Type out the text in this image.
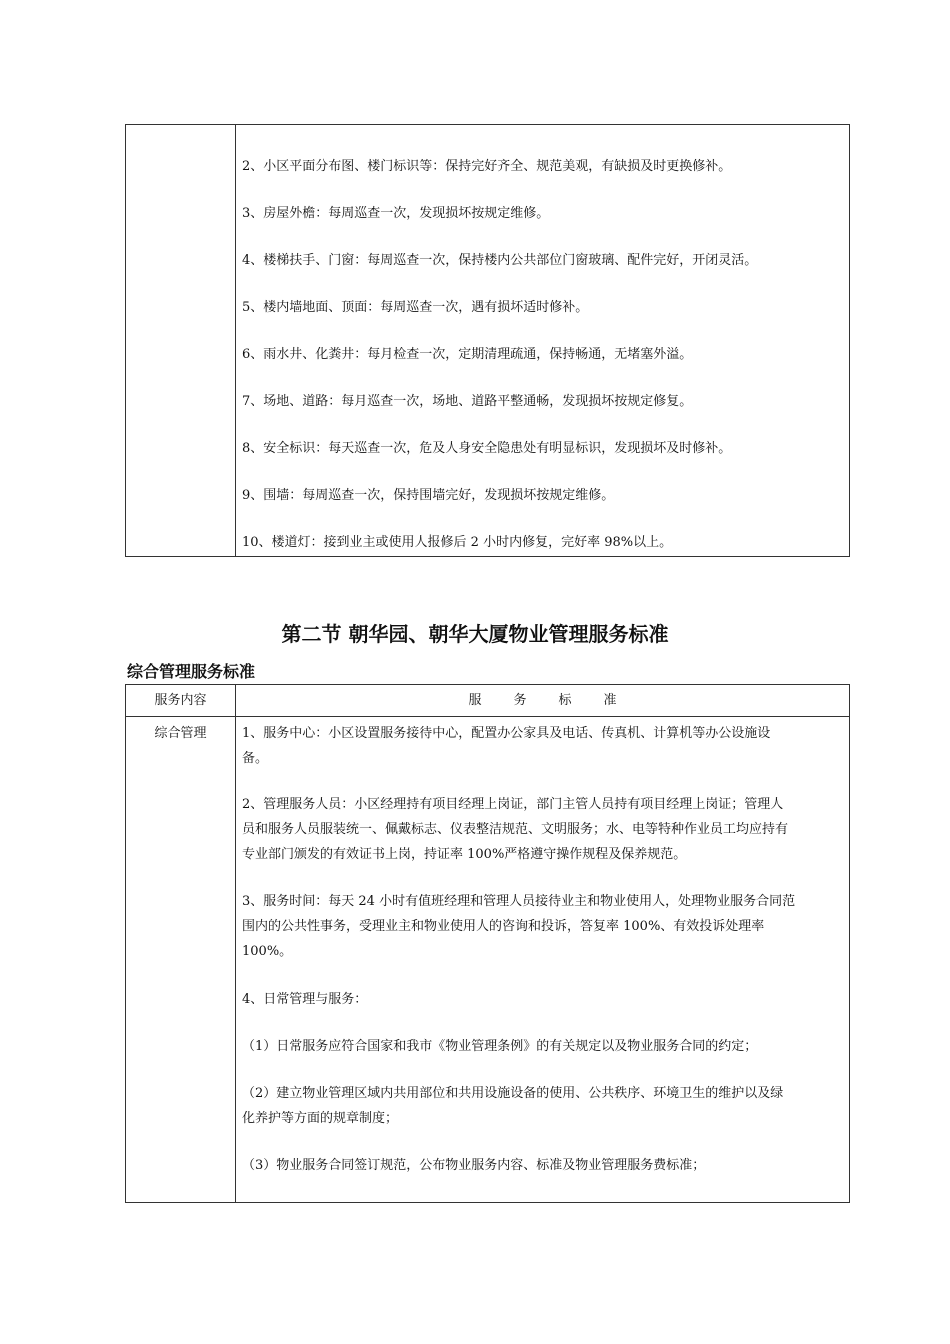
2、小区平面分布图、楼门标识等：保持完好齐全、规范美观，有缺损及时更换修补。
3、房屋外檐：每周巡查一次，发现损坏按规定维修。
4、楼梯扶手、门窗：每周巡查一次，保持楼内公共部位门窗玻璃、配件完好，开闭灵活。
5、楼内墙地面、顶面：每周巡查一次，遇有损坏适时修补。
6、雨水井、化粪井：每月检查一次，定期清理疏通，保持畅通，无堵塞外溢。
7、场地、道路：每月巡查一次，场地、道路平整通畅，发现损坏按规定修复。
8、安全标识：每天巡查一次，危及人身安全隐患处有明显标识，发现损坏及时修补。
9、围墙：每周巡查一次，保持围墙完好，发现损坏按规定维修。
10、楼道灯：接到业主或使用人报修后 2 小时内修复，完好率 98%以上。
第二节 朝华园、朝华大厦物业管理服务标准
综合管理服务标准
服务内容	服务标准
综合管理	1、服务中心：小区设置服务接待中心，配置办公家具及电话、传真机、计算机等办公设施设
备。
2、管理服务人员：小区经理持有项目经理上岗证，部门主管人员持有项目经理上岗证；管理人
员和服务人员服装统一、佩戴标志、仪表整洁规范、文明服务；水、电等特种作业员工均应持有
专业部门颁发的有效证书上岗，持证率 100%严格遵守操作规程及保养规范。
3、服务时间：每天 24 小时有值班经理和管理人员接待业主和物业使用人，处理物业服务合同范
围内的公共性事务，受理业主和物业使用人的咨询和投诉，答复率 100%、有效投诉处理率
100%。
4、日常管理与服务：
（1）日常服务应符合国家和我市《物业管理条例》的有关规定以及物业服务合同的约定；
（2）建立物业管理区域内共用部位和共用设施设备的使用、公共秩序、环境卫生的维护以及绿
化养护等方面的规章制度；
（3）物业服务合同签订规范，公布物业服务内容、标准及物业管理服务费标准；
